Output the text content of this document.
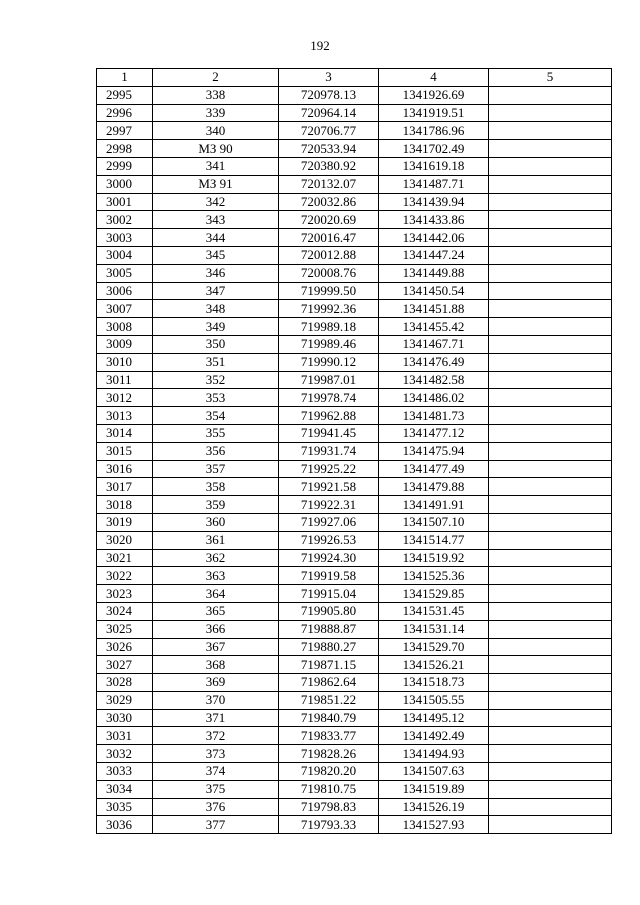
192
1	2	3	4	5
2995	338	720978.13	1341926.69	
2996	339	720964.14	1341919.51	
2997	340	720706.77	1341786.96	
2998	МЗ 90	720533.94	1341702.49	
2999	341	720380.92	1341619.18	
3000	МЗ 91	720132.07	1341487.71	
3001	342	720032.86	1341439.94	
3002	343	720020.69	1341433.86	
3003	344	720016.47	1341442.06	
3004	345	720012.88	1341447.24	
3005	346	720008.76	1341449.88	
3006	347	719999.50	1341450.54	
3007	348	719992.36	1341451.88	
3008	349	719989.18	1341455.42	
3009	350	719989.46	1341467.71	
3010	351	719990.12	1341476.49	
3011	352	719987.01	1341482.58	
3012	353	719978.74	1341486.02	
3013	354	719962.88	1341481.73	
3014	355	719941.45	1341477.12	
3015	356	719931.74	1341475.94	
3016	357	719925.22	1341477.49	
3017	358	719921.58	1341479.88	
3018	359	719922.31	1341491.91	
3019	360	719927.06	1341507.10	
3020	361	719926.53	1341514.77	
3021	362	719924.30	1341519.92	
3022	363	719919.58	1341525.36	
3023	364	719915.04	1341529.85	
3024	365	719905.80	1341531.45	
3025	366	719888.87	1341531.14	
3026	367	719880.27	1341529.70	
3027	368	719871.15	1341526.21	
3028	369	719862.64	1341518.73	
3029	370	719851.22	1341505.55	
3030	371	719840.79	1341495.12	
3031	372	719833.77	1341492.49	
3032	373	719828.26	1341494.93	
3033	374	719820.20	1341507.63	
3034	375	719810.75	1341519.89	
3035	376	719798.83	1341526.19	
3036	377	719793.33	1341527.93	
